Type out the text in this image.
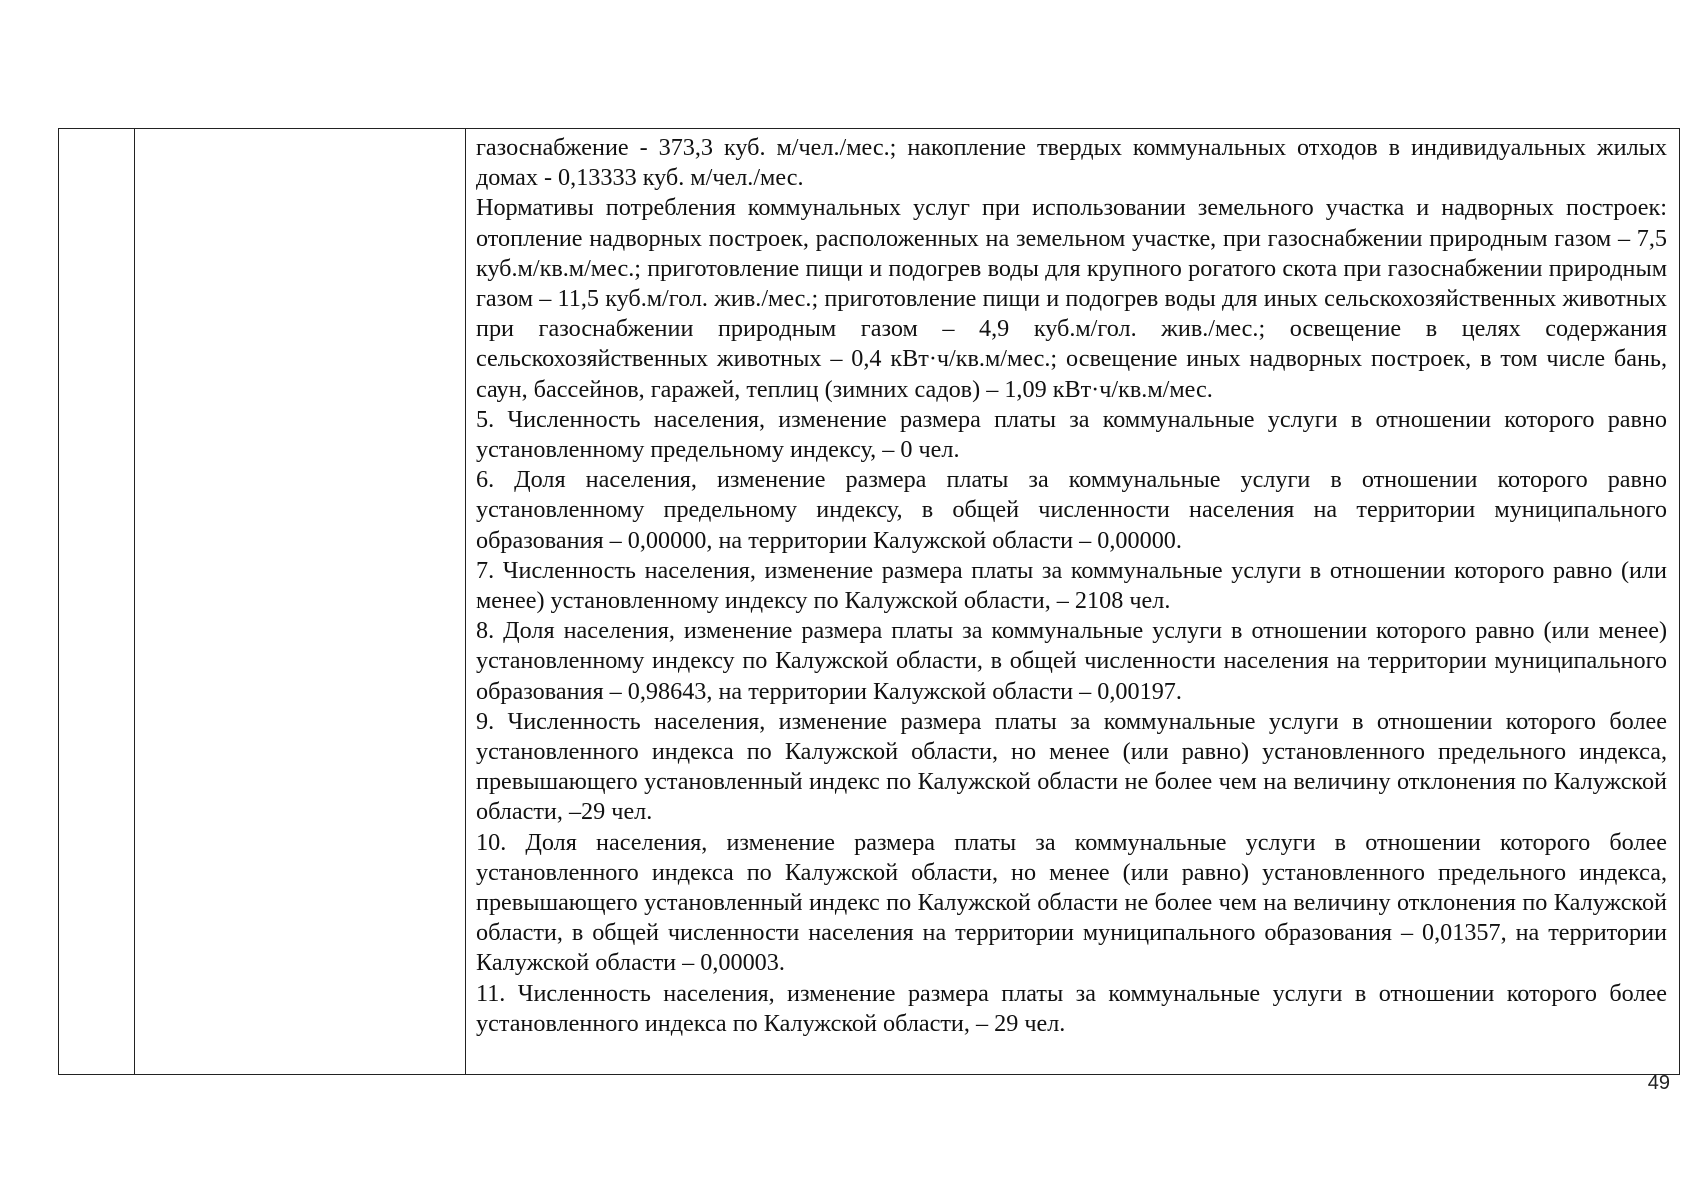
газоснабжение - 373,3 куб. м/чел./мес.; накопление твердых коммунальных отходов в индивидуальных жилых домах - 0,13333 куб. м/чел./мес.

Нормативы потребления коммунальных услуг при использовании земельного участка и надворных построек: отопление надворных построек, расположенных на земельном участке, при газоснабжении природным газом – 7,5 куб.м/кв.м/мес.; приготовление пищи и подогрев воды для крупного рогатого скота при газоснабжении природным газом – 11,5 куб.м/гол. жив./мес.; приготовление пищи и подогрев воды для иных сельскохозяйственных животных при газоснабжении природным газом – 4,9 куб.м/гол. жив./мес.; освещение в целях содержания сельскохозяйственных животных – 0,4 кВт·ч/кв.м/мес.; освещение иных надворных построек, в том числе бань, саун, бассейнов, гаражей, теплиц (зимних садов) – 1,09 кВт·ч/кв.м/мес.

5. Численность населения, изменение размера платы за коммунальные услуги в отношении которого равно установленному предельному индексу, – 0 чел.

6. Доля населения, изменение размера платы за коммунальные услуги в отношении которого равно установленному предельному индексу, в общей численности населения на территории муниципального образования – 0,00000, на территории Калужской области – 0,00000.

7. Численность населения, изменение размера платы за коммунальные услуги в отношении которого равно (или менее) установленному индексу по Калужской области, – 2108 чел.

8. Доля населения, изменение размера платы за коммунальные услуги в отношении которого равно (или менее) установленному индексу по Калужской области, в общей численности населения на территории муниципального образования – 0,98643, на территории Калужской области – 0,00197.

9. Численность населения, изменение размера платы за коммунальные услуги в отношении которого более установленного индекса по Калужской области, но менее (или равно) установленного предельного индекса, превышающего установленный индекс по Калужской области не более чем на величину отклонения по Калужской области, –29 чел.

10. Доля населения, изменение размера платы за коммунальные услуги в отношении которого более установленного индекса по Калужской области, но менее (или равно) установленного предельного индекса, превышающего установленный индекс по Калужской области не более чем на величину отклонения по Калужской области, в общей численности населения на территории муниципального образования – 0,01357, на территории Калужской области – 0,00003.

11. Численность населения, изменение размера платы за коммунальные услуги в отношении которого более установленного индекса по Калужской области, – 29 чел.

49
